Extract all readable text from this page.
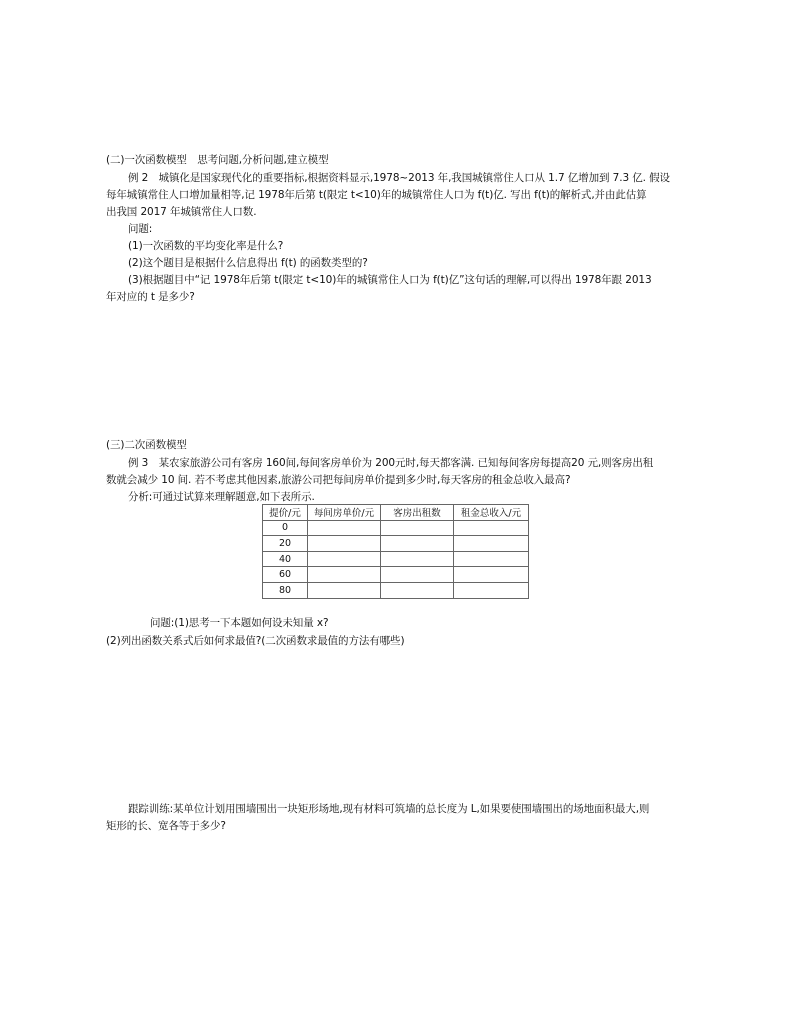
(二)一次函数模型　思考问题,分析问题,建立模型
例 2　城镇化是国家现代化的重要指标,根据资料显示,1978~2013 年,我国城镇常住人口从 1.7 亿增加到 7.3 亿. 假设
每年城镇常住人口增加量相等,记 1978年后第 t(限定 t<10)年的城镇常住人口为 f(t)亿. 写出 f(t)的解析式,并由此估算
出我国 2017 年城镇常住人口数.
问题:
(1)一次函数的平均变化率是什么?
(2)这个题目是根据什么信息得出 f(t) 的函数类型的?
(3)根据题目中“记 1978年后第 t(限定 t<10)年的城镇常住人口为 f(t)亿”这句话的理解,可以得出 1978年跟 2013
年对应的 t 是多少?
(三)二次函数模型
例 3　某农家旅游公司有客房 160间,每间客房单价为 200元时,每天都客满. 已知每间客房每提高20 元,则客房出租
数就会减少 10 间. 若不考虑其他因素,旅游公司把每间房单价提到多少时,每天客房的租金总收入最高?
分析:可通过试算来理解题意,如下表所示.
提价/元	每间房单价/元	客房出租数	租金总收入/元
0			
20			
40			
60			
80			
问题:(1)思考一下本题如何设未知量 x?
(2)列出函数关系式后如何求最值?(二次函数求最值的方法有哪些)
跟踪训练:某单位计划用围墙围出一块矩形场地,现有材料可筑墙的总长度为 L,如果要使围墙围出的场地面积最大,则
矩形的长、宽各等于多少?
